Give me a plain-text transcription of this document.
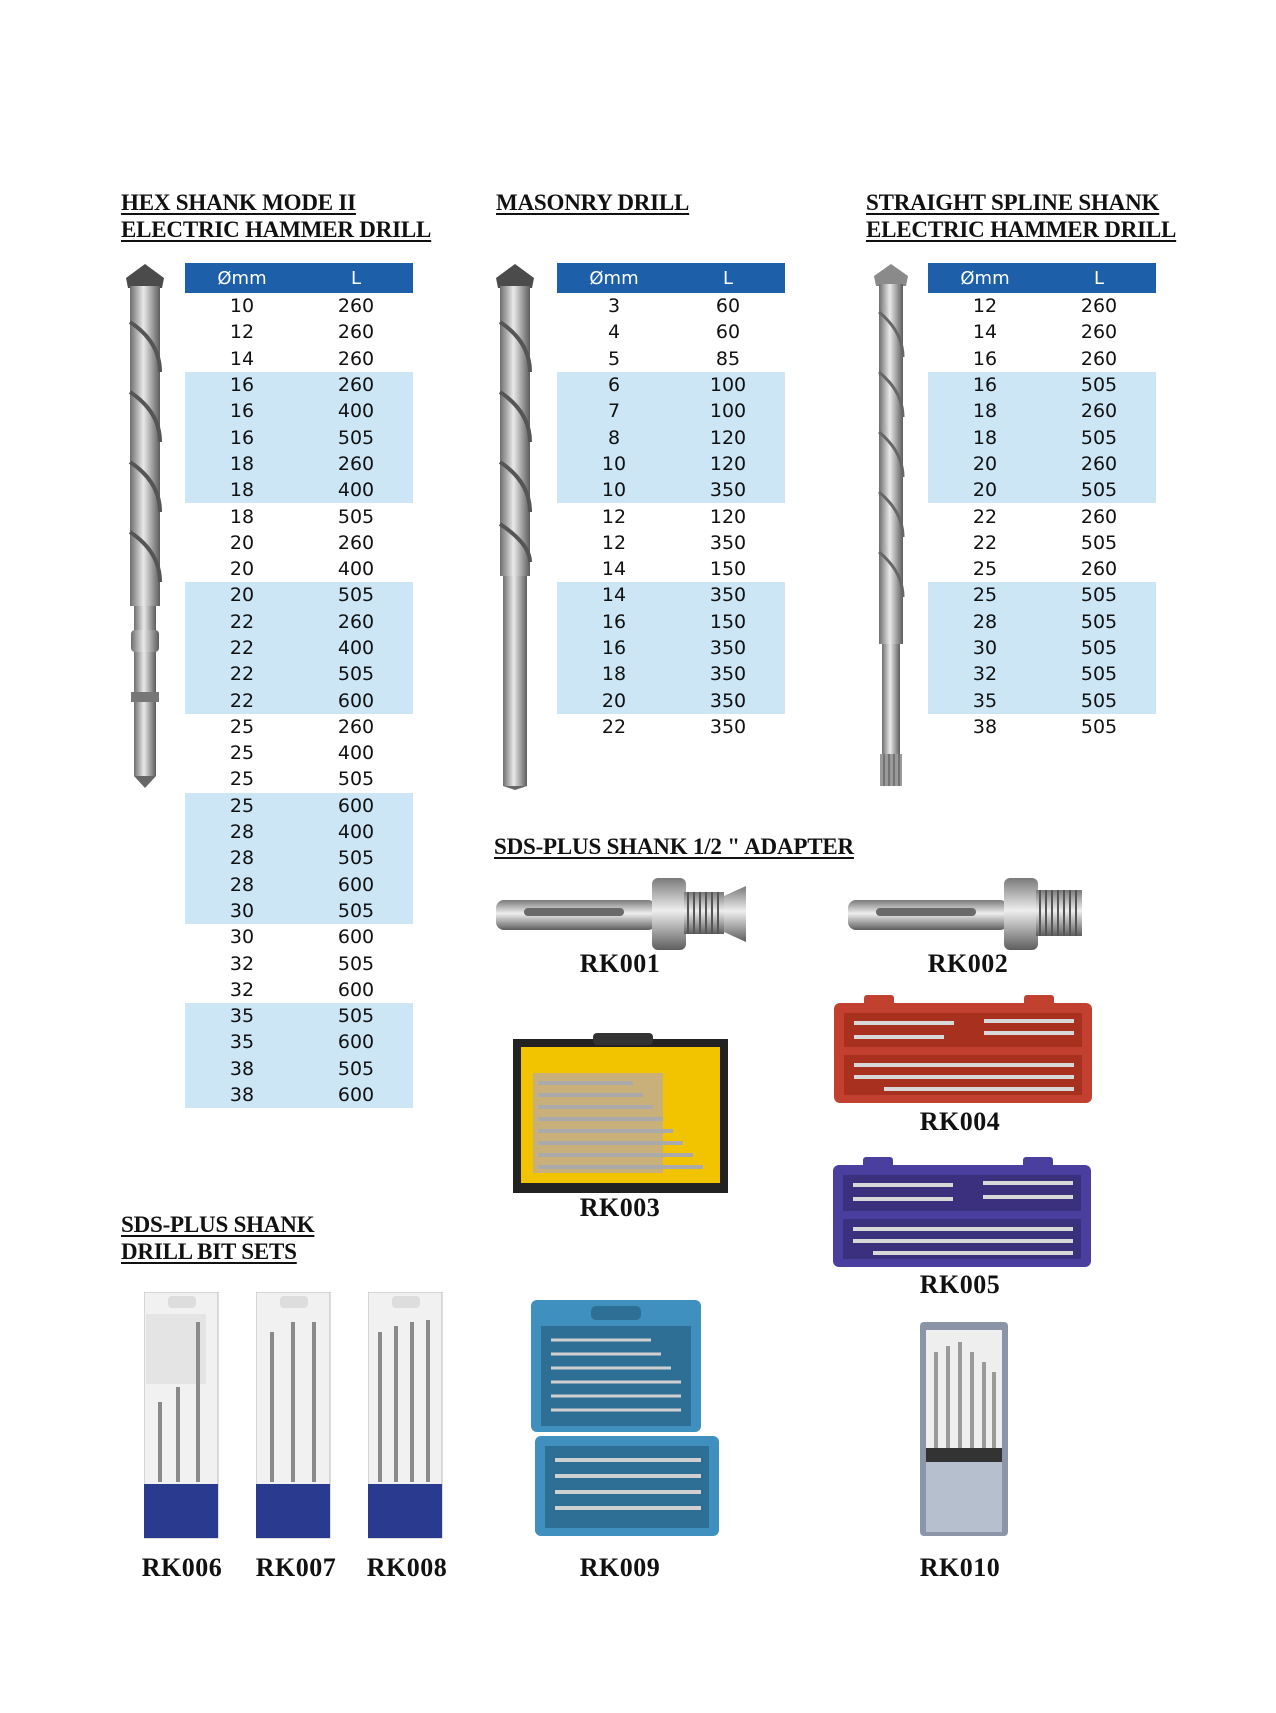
HEX SHANK MODE II
ELECTRIC HAMMER DRILL
MASONRY DRILL	STRAIGHT SPLINE SHANK
ELECTRIC HAMMER DRILL
Ømm	L
10	260
12	260
14	260
16	260
16	400
16	505
18	260
18	400
18	505
20	260
20	400
20	505
22	260
22	400
22	505
22	600
25	260
25	400
25	505
25	600
28	400
28	505
28	600
30	505
30	600
32	505
32	600
35	505
35	600
38	505
38	600
Ømm	L
3	60
4	60
5	85
6	100
7	100
8	120
10	120
10	350
12	120
12	350
14	150
14	350
16	150
16	350
18	350
20	350
22	350
Ømm	L
12	260
14	260
16	260
16	505
18	260
18	505
20	260
20	505
22	260
22	505
25	260
25	505
28	505
30	505
32	505
35	505
38	505
SDS-PLUS SHANK 1/2 " ADAPTER

RK001	RK002

RK003

RK004

RK005

SDS-PLUS SHANK
DRILL BIT SETS

RK006	RK007	RK008	RK009	RK010
